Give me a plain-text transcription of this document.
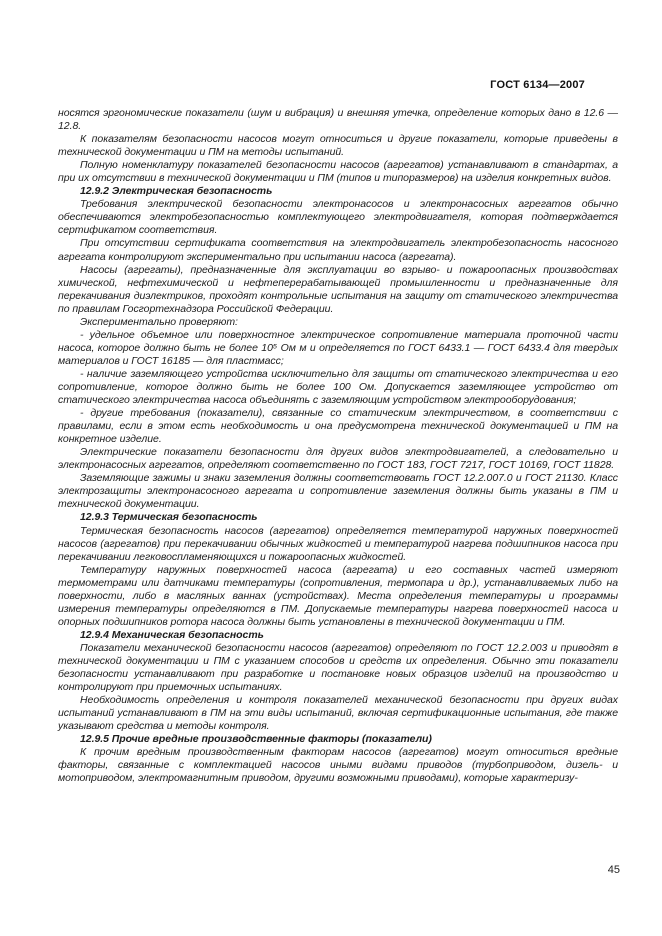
ГОСТ 6134—2007

носятся эргономические показатели (шум и вибрация) и внешняя утечка, определение которых дано в 12.6 — 12.8.

К показателям безопасности насосов могут относиться и другие показатели, которые приведены в технической документации и ПМ на методы испытаний.

Полную номенклатуру показателей безопасности насосов (агрегатов) устанавливают в стандартах, а при их отсутствии в технической документации и ПМ (типов и типоразмеров) на изделия конкретных видов.

12.9.2 Электрическая безопасность

Требования электрической безопасности электронасосов и электронасосных агрегатов обычно обеспечиваются электробезопасностью комплектующего электродвигателя, которая подтверждается сертификатом соответствия.

При отсутствии сертификата соответствия на электродвигатель электробезопасность насосного агрегата контролируют экспериментально при испытании насоса (агрегата).

Насосы (агрегаты), предназначенные для эксплуатации во взрыво- и пожароопасных производствах химической, нефтехимической и нефтеперерабатывающей промышленности и предназначенные для перекачивания диэлектриков, проходят контрольные испытания на защиту от статического электричества по правилам Госгортехнадзора Российской Федерации.

Экспериментально проверяют:

- удельное объемное или поверхностное электрическое сопротивление материала проточной части насоса, которое должно быть не более 10⁵ Ом м и определяется по ГОСТ 6433.1 — ГОСТ 6433.4 для твердых материалов и ГОСТ 16185 — для пластмасс;

- наличие заземляющего устройства исключительно для защиты от статического электричества и его сопротивление, которое должно быть не более 100 Ом. Допускается заземляющее устройство от статического электричества насоса объединять с заземляющим устройством электрооборудования;

- другие требования (показатели), связанные со статическим электричеством, в соответствии с правилами, если в этом есть необходимость и она предусмотрена технической документацией и ПМ на конкретное изделие.

Электрические показатели безопасности для других видов электродвигателей, а следовательно и электронасосных агрегатов, определяют соответственно по ГОСТ 183, ГОСТ 7217, ГОСТ 10169, ГОСТ 11828.

Заземляющие зажимы и знаки заземления должны соответствовать ГОСТ 12.2.007.0 и ГОСТ 21130. Класс электрозащиты электронасосного агрегата и сопротивление заземления должны быть указаны в ПМ и технической документации.

12.9.3 Термическая безопасность

Термическая безопасность насосов (агрегатов) определяется температурой наружных поверхностей насосов (агрегатов) при перекачивании обычных жидкостей и температурой нагрева подшипников насоса при перекачивании легковоспламеняющихся и пожароопасных жидкостей.

Температуру наружных поверхностей насоса (агрегата) и его составных частей измеряют термометрами или датчиками температуры (сопротивления, термопара и др.), устанавливаемых либо на поверхности, либо в масляных ваннах (устройствах). Места определения температуры и программы измерения температуры определяются в ПМ. Допускаемые температуры нагрева поверхностей насоса и опорных подшипников ротора насоса должны быть установлены в технической документации и ПМ.

12.9.4 Механическая безопасность

Показатели механической безопасности насосов (агрегатов) определяют по ГОСТ 12.2.003 и приводят в технической документации и ПМ с указанием способов и средств их определения. Обычно эти показатели безопасности устанавливают при разработке и постановке новых образцов изделий на производство и контролируют при приемочных испытаниях.

Необходимость определения и контроля показателей механической безопасности при других видах испытаний устанавливают в ПМ на эти виды испытаний, включая сертификационные испытания, где также указывают средства и методы контроля.

12.9.5 Прочие вредные производственные факторы (показатели)

К прочим вредным производственным факторам насосов (агрегатов) могут относиться вредные факторы, связанные с комплектацией насосов иными видами приводов (турбоприводом, дизель- и мотоприводом, электромагнитным приводом, другими возможными приводами), которые характеризу-

45
